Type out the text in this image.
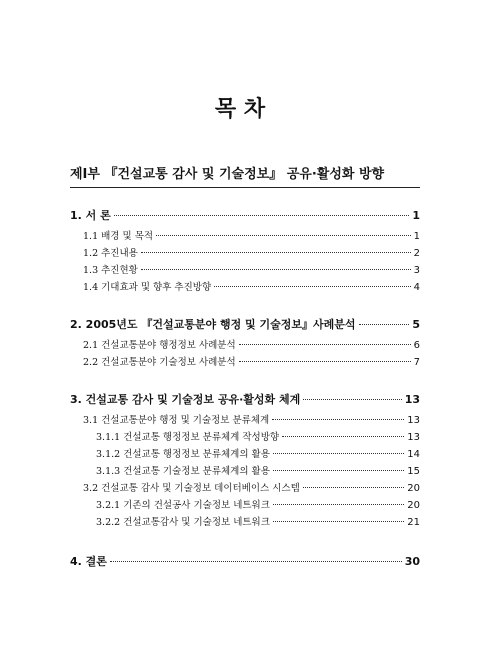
목 차
제Ⅰ부 『건설교통 감사 및 기술정보』 공유·활성화 방향
1. 서 론	1
1.1 배경 및 목적	1
1.2 추진내용	2
1.3 추진현황	3
1.4 기대효과 및 향후 추진방향	4
2. 2005년도 『건설교통분야 행정 및 기술정보』사례분석	5
2.1 건설교통분야 행정정보 사례분석	6
2.2 건설교통분야 기술정보 사례분석	7
3. 건설교통 감사 및 기술정보 공유·활성화 체계	13
3.1 건설교통분야 행정 및 기술정보 분류체계	13
3.1.1 건설교통 행정정보 분류체계 작성방향	13
3.1.2 건설교통 행정정보 분류체계의 활용	14
3.1.3 건설교통 기술정보 분류체계의 활용	15
3.2 건설교통 감사 및 기술정보 데이터베이스 시스템	20
3.2.1 기존의 건설공사 기술정보 네트워크	20
3.2.2 건설교통감사 및 기술정보 네트워크	21
4. 결론	30
